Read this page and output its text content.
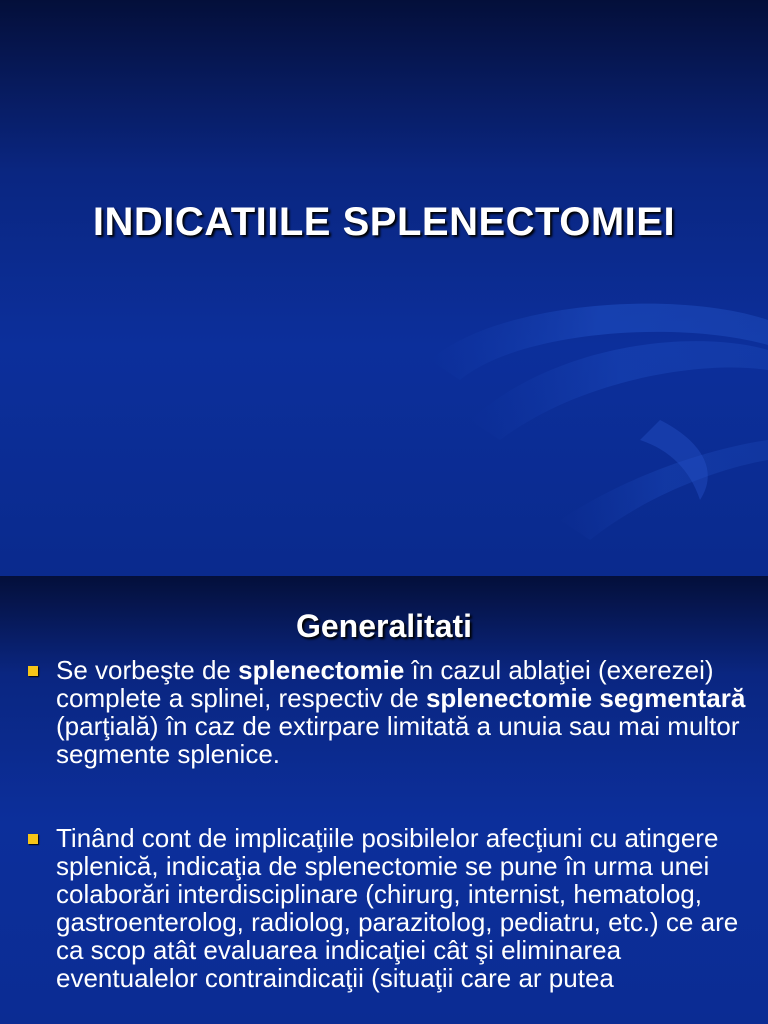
INDICATIILE SPLENECTOMIEI
Generalitati
Se vorbeşte de splenectomie în cazul ablaţiei (exerezei) complete a splinei, respectiv de splenectomie segmentară (parţială) în caz de extirpare limitată a unuia sau mai multor segmente splenice.
Tinând cont de implicaţiile posibilelor afecţiuni cu atingere splenică, indicaţia de splenectomie se pune în urma unei colaborări interdisciplinare (chirurg, internist, hematolog, gastroenterolog, radiolog, parazitolog, pediatru, etc.) ce are ca scop atât evaluarea indicaţiei cât şi eliminarea eventualelor contraindicaţii (situaţii care ar putea
